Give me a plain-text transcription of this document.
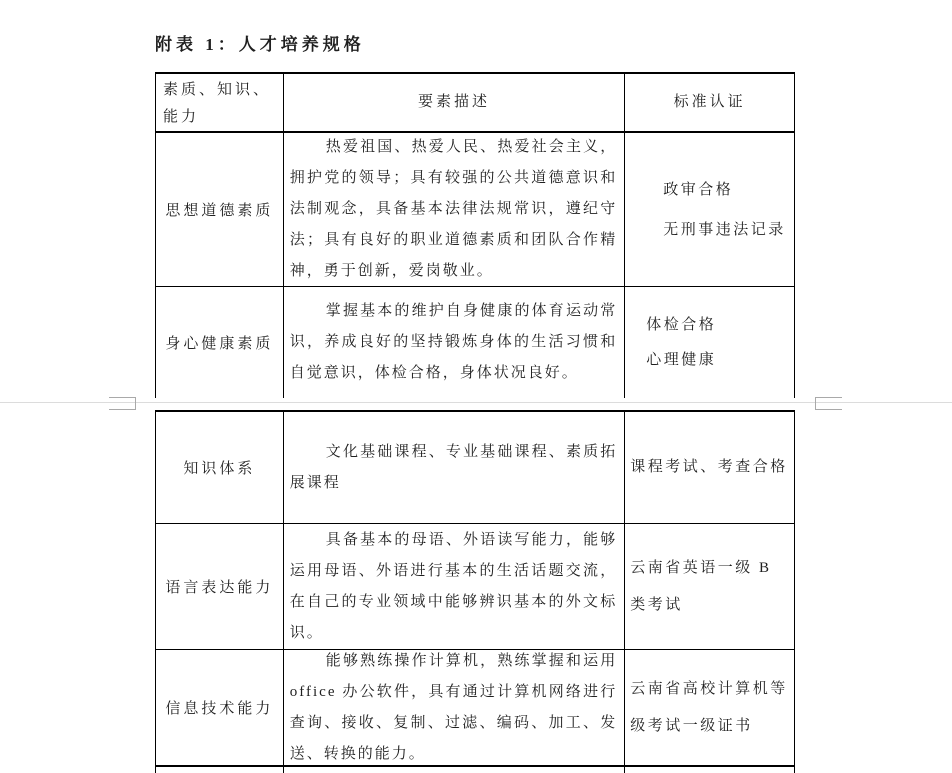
附表 1：人才培养规格
素质、知识、能力
要素描述	标准认证
思想道德素质
热爱祖国、热爱人民、热爱社会主义，拥护党的领导；具有较强的公共道德意识和法制观念，具备基本法律法规常识，遵纪守法；具有良好的职业道德素质和团队合作精神，勇于创新，爱岗敬业。
政审合格
无刑事违法记录
身心健康素质
掌握基本的维护自身健康的体育运动常识，养成良好的坚持锻炼身体的生活习惯和自觉意识，体检合格，身体状况良好。
体检合格
心理健康
知识体系
文化基础课程、专业基础课程、素质拓展课程
课程考试、考查合格
语言表达能力
具备基本的母语、外语读写能力，能够运用母语、外语进行基本的生活话题交流，在自己的专业领域中能够辨识基本的外文标识。
云南省英语一级 B 类考试
信息技术能力
能够熟练操作计算机，熟练掌握和运用 office 办公软件，具有通过计算机网络进行查询、接收、复制、过滤、编码、加工、发送、转换的能力。
云南省高校计算机等级考试一级证书
